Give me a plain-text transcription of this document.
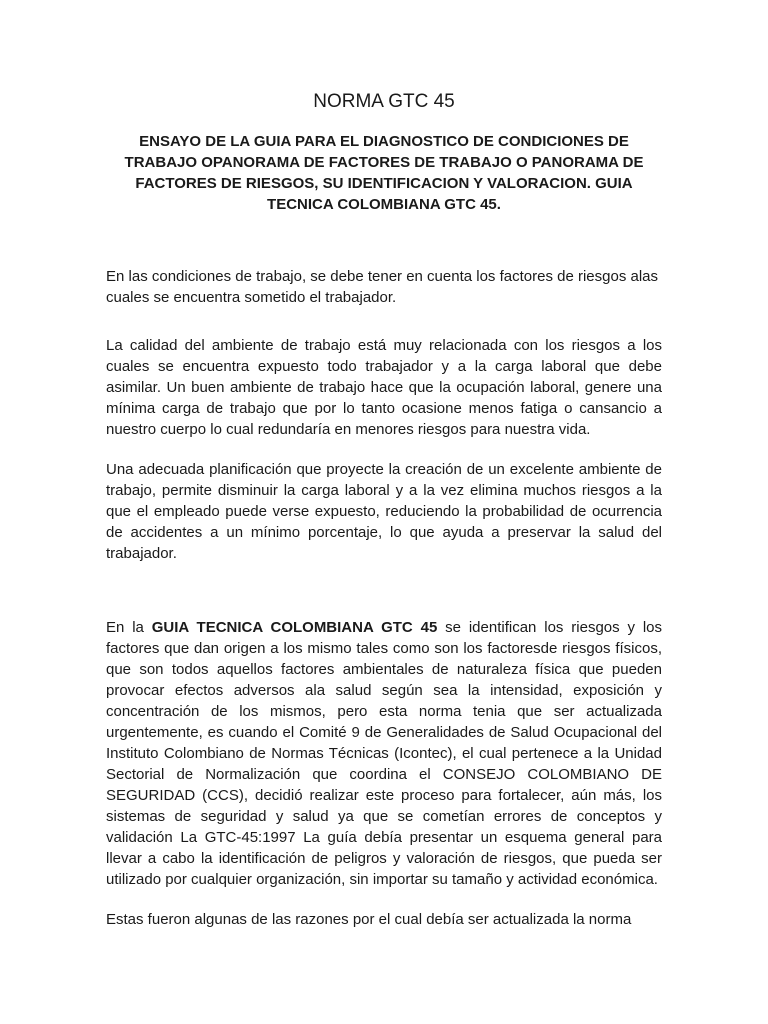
NORMA GTC 45
ENSAYO DE LA GUIA PARA EL DIAGNOSTICO DE CONDICIONES DE TRABAJO OPANORAMA DE FACTORES DE TRABAJO O PANORAMA DE FACTORES DE RIESGOS, SU IDENTIFICACION Y VALORACION. GUIA TECNICA COLOMBIANA GTC 45.

En las condiciones de trabajo, se debe tener en cuenta los factores de riesgos alas cuales se encuentra sometido el trabajador.

La calidad del ambiente de trabajo está muy relacionada con los riesgos a los cuales se encuentra expuesto todo trabajador y a la carga laboral que debe asimilar. Un buen ambiente de trabajo hace que la ocupación laboral, genere una mínima carga de trabajo que por lo tanto ocasione menos fatiga o cansancio a nuestro cuerpo lo cual redundaría en menores riesgos para nuestra vida.

Una adecuada planificación que proyecte la creación de un excelente ambiente de trabajo, permite disminuir la carga laboral y a la vez elimina muchos riesgos a la que el empleado puede verse expuesto, reduciendo la probabilidad de ocurrencia de accidentes a un mínimo porcentaje, lo que ayuda a preservar la salud del trabajador.

En la GUIA TECNICA COLOMBIANA GTC 45 se identifican los riesgos y los factores que dan origen a los mismo tales como son los factoresde riesgos físicos, que son todos aquellos factores ambientales de naturaleza física que pueden provocar efectos adversos ala salud según sea la intensidad, exposición y concentración de los mismos, pero esta norma tenia que ser actualizada urgentemente, es cuando el Comité 9 de Generalidades de Salud Ocupacional del Instituto Colombiano de Normas Técnicas (Icontec), el cual pertenece a la Unidad Sectorial de Normalización que coordina el CONSEJO COLOMBIANO DE SEGURIDAD (CCS), decidió realizar este proceso para fortalecer, aún más, los sistemas de seguridad y salud ya que se cometían errores de conceptos y validación La GTC-45:1997 La guía debía presentar un esquema general para llevar a cabo la identificación de peligros y valoración de riesgos, que pueda ser utilizado por cualquier organización, sin importar su tamaño y actividad económica.

Estas fueron algunas de las razones por el cual debía ser actualizada la norma
